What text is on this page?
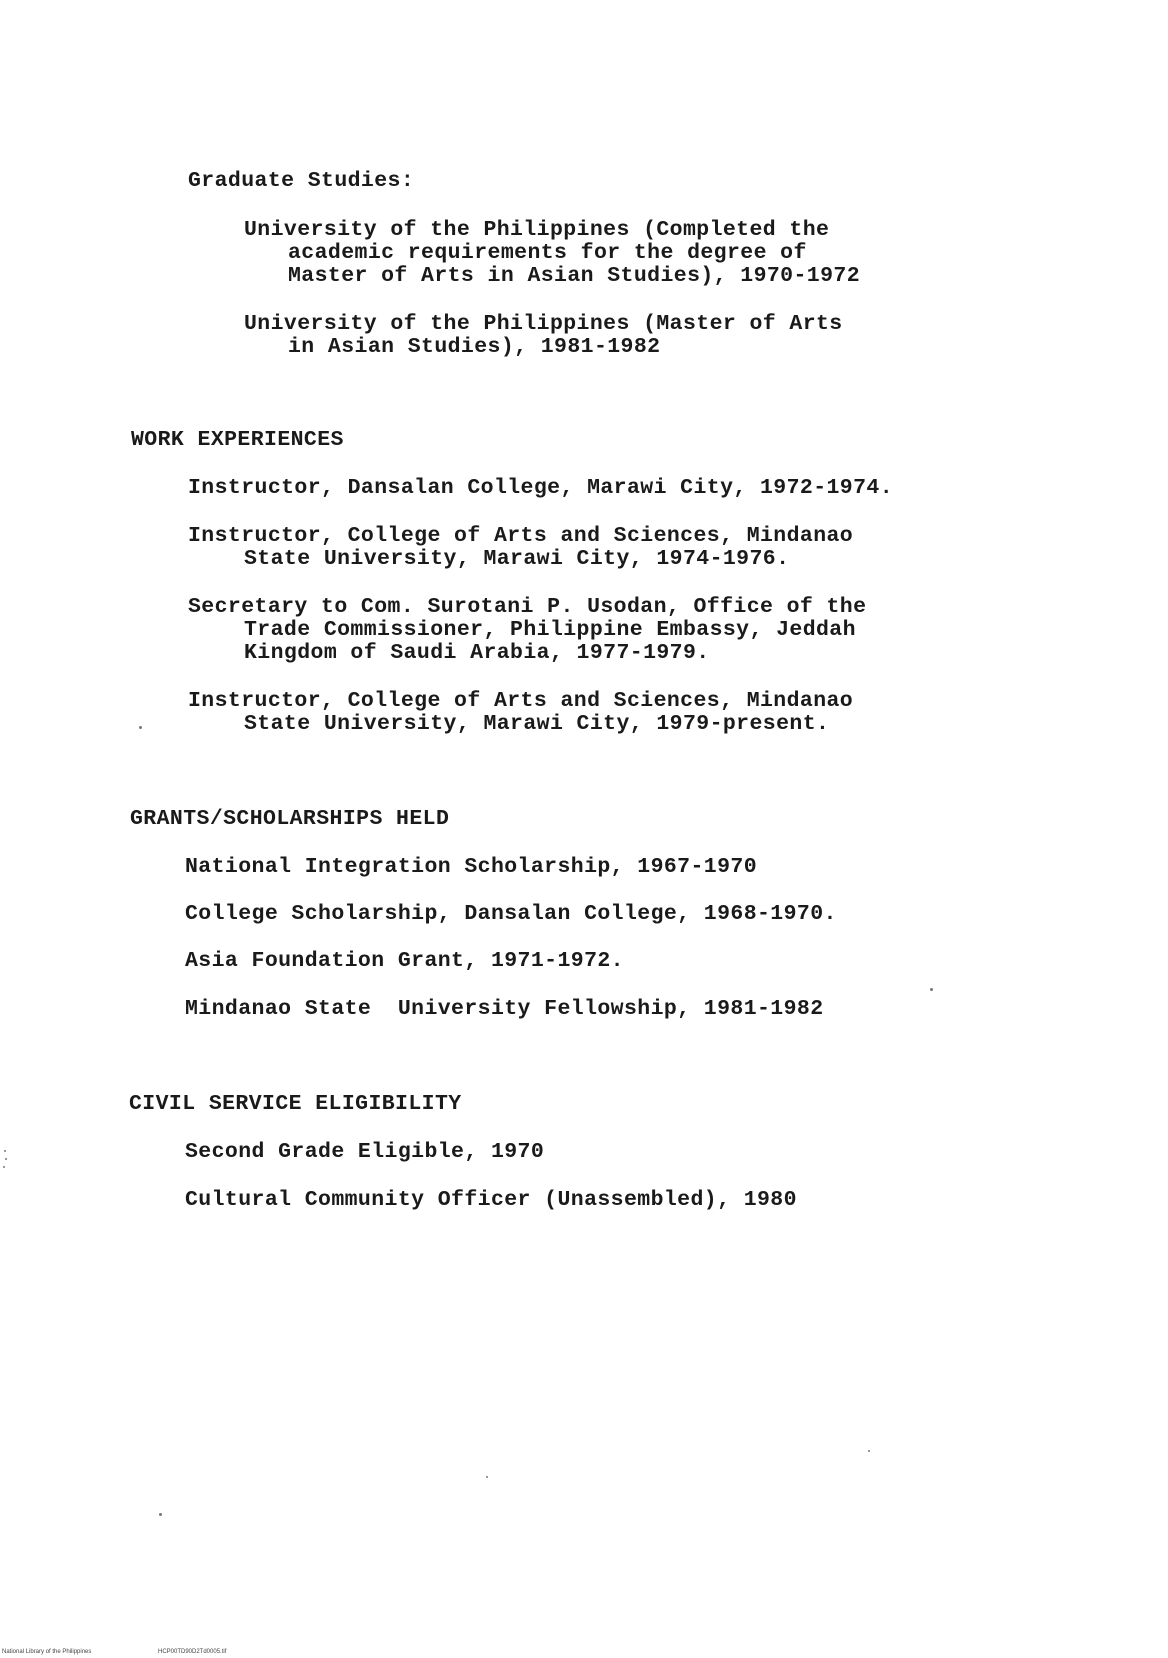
Graduate Studies:
University of the Philippines (Completed the
academic requirements for the degree of
Master of Arts in Asian Studies), 1970-1972
University of the Philippines (Master of Arts
in Asian Studies), 1981-1982
WORK EXPERIENCES
Instructor, Dansalan College, Marawi City, 1972-1974.
Instructor, College of Arts and Sciences, Mindanao
State University, Marawi City, 1974-1976.
Secretary to Com. Surotani P. Usodan, Office of the
Trade Commissioner, Philippine Embassy, Jeddah
Kingdom of Saudi Arabia, 1977-1979.
Instructor, College of Arts and Sciences, Mindanao
State University, Marawi City, 1979-present.
GRANTS/SCHOLARSHIPS HELD
National Integration Scholarship, 1967-1970
College Scholarship, Dansalan College, 1968-1970.
Asia Foundation Grant, 1971-1972.
Mindanao State  University Fellowship, 1981-1982
CIVIL SERVICE ELIGIBILITY
Second Grade Eligible, 1970
Cultural Community Officer (Unassembled), 1980
National Library of the Philippines	HCP00TD90D2Td0005.tif
